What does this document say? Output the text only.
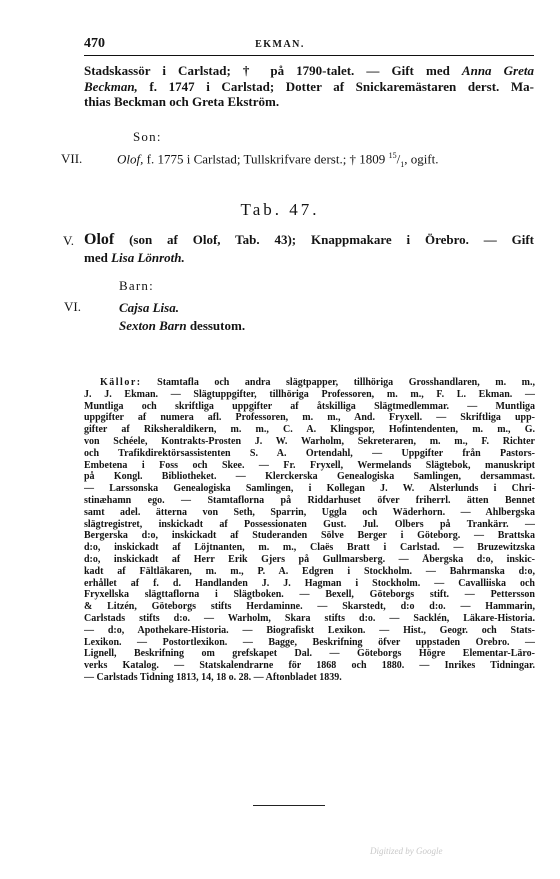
470	EKMAN.
Stadskassör i Carlstad; † på 1790-talet. — Gift med Anna Greta
Beckman, f. 1747 i Carlstad; Dotter af Snickaremästaren derst. Ma-
thias Beckman och Greta Ekström.
Son:
VII.	Olof, f. 1775 i Carlstad; Tullskrifvare derst.; † 1809 $^{15}/_1$, ogift.
Tab. 47.
V. Olof (son af Olof, Tab. 43); Knappmakare i Örebro. — Gift
med Lisa Lönroth.
Barn:
VI.	Cajsa Lisa.
Sexton Barn dessutom.
Källor: Stamtafla och andra slägtpapper, tillhöriga Grosshandlaren, m. m.,
J. J. Ekman. — Slägtuppgifter, tillhöriga Professoren, m. m., F. L. Ekman. —
Muntliga och skriftliga uppgifter af åtskilliga Slägtmedlemmar. — Muntliga
uppgifter af numera afl. Professoren, m. m., And. Fryxell. — Skriftliga upp-
gifter af Riksheraldikern, m. m., C. A. Klingspor, Hofintendenten, m. m., G.
von Schéele, Kontrakts-Prosten J. W. Warholm, Sekreteraren, m. m., F. Richter
och Trafikdirektörsassistenten S. A. Örtendahl, — Uppgifter från Pastors-
Embetena i Foss och Skee. — Fr. Fryxell, Wermelands Slägtebok, manuskript
på Kongl. Bibliotheket. — Klerckerska Genealogiska Samlingen, dersammast.
— Larssonska Genealogiska Samlingen, i Kollegan J. W. Alsterlunds i Chri-
stinæhamn ego. — Stamtaflorna på Riddarhuset öfver friherrl. ätten Bennet
samt adel. ätterna von Seth, Sparrin, Uggla och Wäderhorn. — Ahlbergska
slägtregistret, inskickadt af Possessionaten Gust. Jul. Olbers på Trankärr. —
Bergerska d:o, inskickadt af Studeranden Sölve Berger i Göteborg. — Brattska
d:o, inskickadt af Löjtnanten, m. m., Claës Bratt i Carlstad. — Bruzewitzska
d:o, inskickadt af Herr Erik Gjers på Gullmarsberg. — Åbergska d:o, inskic-
kadt af Fältläkaren, m. m., P. A. Edgren i Stockholm. — Bahrmanska d:o,
erhållet af f. d. Handlanden J. J. Hagman i Stockholm. — Cavalliiska och
Fryxellska slägttaflorna i Slägtboken. — Bexell, Göteborgs stift. — Pettersson
& Litzén, Göteborgs stifts Herdaminne. — Skarstedt, d:o d:o. — Hammarin,
Carlstads stifts d:o. — Warholm, Skara stifts d:o. — Sacklén, Läkare-Historia.
— d:o, Apothekare-Historia. — Biografiskt Lexikon. — Hist., Geogr. och Stats-
Lexikon. — Postortlexikon. — Bagge, Beskrifning öfver uppstaden Örebro. —
Lignell, Beskrifning om grefskapet Dal. — Göteborgs Högre Elementar-Läro-
verks Katalog. — Statskalendrarne för 1868 och 1880. — Inrikes Tidningar.
— Carlstads Tidning 1813, 14, 18 o. 28. — Aftonbladet 1839.
Digitized by Google
